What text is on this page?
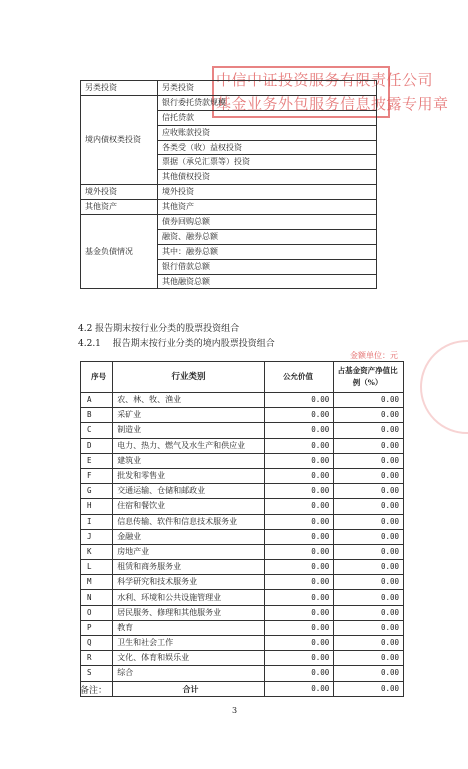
中信中证投资服务有限责任公司
基金业务外包服务信息披露专用章
另类投资	另类投资
境内债权类投资	银行委托贷款规模
	信托贷款
	应收账款投资
	各类受（收）益权投资
	票据（承兑汇票等）投资
	其他债权投资
境外投资	境外投资
其他资产	其他资产
基金负债情况	债券回购总额
	融资、融券总额
	其中：融券总额
	银行借款总额
	其他融资总额
4.2 报告期末按行业分类的股票投资组合
4.2.1　 报告期末按行业分类的境内股票投资组合
金额单位：元
序号	行业类别	公允价值	占基金资产净值比例（%）
A	农、林、牧、渔业	0.00	0.00
B	采矿业	0.00	0.00
C	制造业	0.00	0.00
D	电力、热力、燃气及水生产和供应业	0.00	0.00
E	建筑业	0.00	0.00
F	批发和零售业	0.00	0.00
G	交通运输、仓储和邮政业	0.00	0.00
H	住宿和餐饮业	0.00	0.00
I	信息传输、软件和信息技术服务业	0.00	0.00
J	金融业	0.00	0.00
K	房地产业	0.00	0.00
L	租赁和商务服务业	0.00	0.00
M	科学研究和技术服务业	0.00	0.00
N	水利、环境和公共设施管理业	0.00	0.00
O	居民服务、修理和其他服务业	0.00	0.00
P	教育	0.00	0.00
Q	卫生和社会工作	0.00	0.00
R	文化、体育和娱乐业	0.00	0.00
S	综合	0.00	0.00
	合计	0.00	0.00
备注：
3
